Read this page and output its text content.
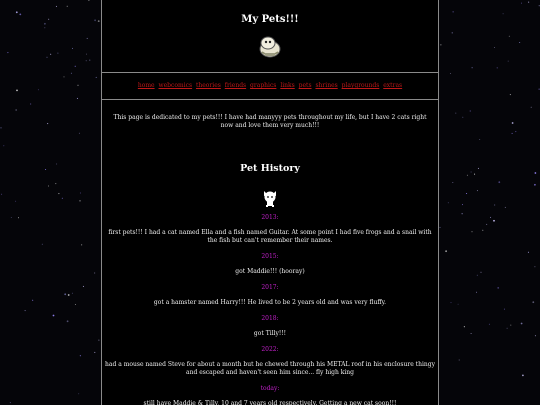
My Pets!!!
home webcomics theories friends graphics links pets shrines playgrounds extras
This page is dedicated to my pets!!! I have had manyyy pets throughout my life, but I have 2 cats right now and love them very much!!!
Pet History
2013:
first pets!!! I had a cat named Ella and a fish named Guitar. At some point I had five frogs and a snail with the fish but can't remember their names.
2015:
got Maddie!!! (hooray)
2017:
got a hamster named Harry!!! He lived to be 2 years old and was very fluffy.
2018:
got Tilly!!!
2022:
had a mouse named Steve for about a month but he chewed through his METAL roof in his enclosure thingy and escaped and haven't seen him since... fly high king
today:
still have Maddie & Tilly, 10 and 7 years old respectively. Getting a new cat soon!!!
